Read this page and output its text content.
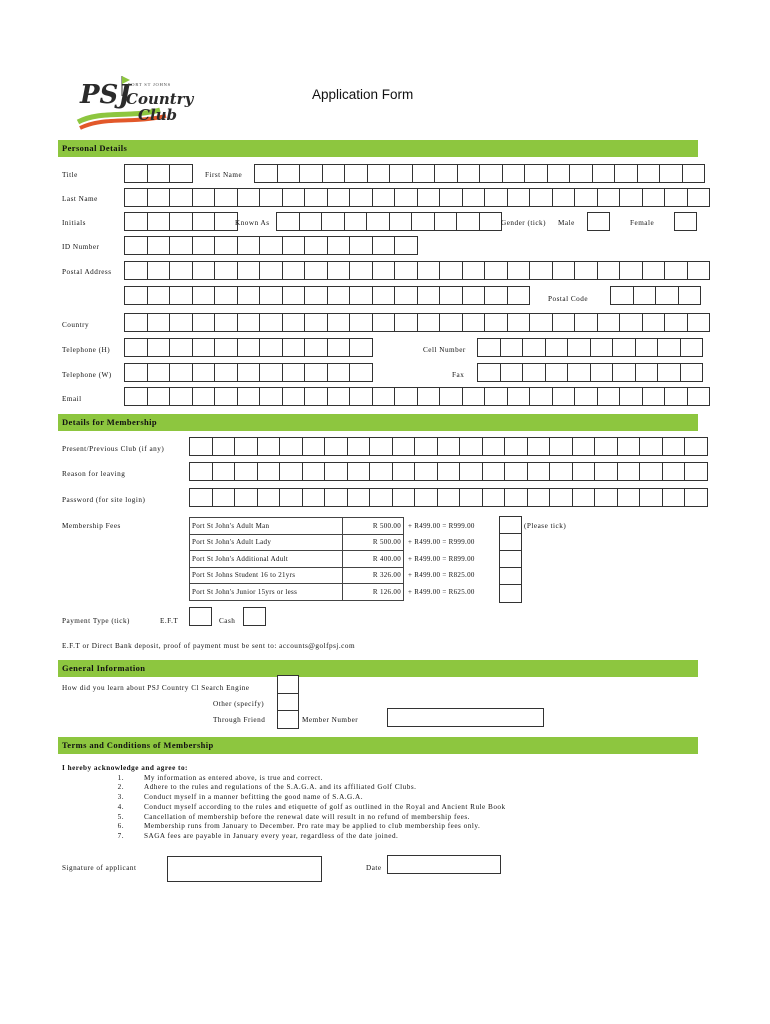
PSJ
PORT ST JOHNS
Country
Club
Application Form
Personal Details
Title	First Name
Last Name
Initials	Known As	Gender (tick) Male	Female
ID Number
Postal Address
Postal Code
Country
Telephone (H)	Cell Number
Telephone (W)	Fax
Email
Details for Membership
Present/Previous Club (if any)
Reason for leaving
Password (for site login)
Membership Fees	Port St John's Adult Man	R 500.00	+ R499.00 = R999.00
Port St John's Adult Lady	R 500.00	+ R499.00 = R999.00
Port St John's Additional Adult	R 400.00	+ R499.00 = R899.00
Port St Johns Student 16 to 21yrs	R 326.00	+ R499.00 = R825.00
Port St John's Junior 15yrs or less	R 126.00	+ R499.00 = R625.00
(Please tick)
Payment Type (tick)	E.F.T	Cash
E.F.T or Direct Bank deposit, proof of payment must be sent to: accounts@golfpsj.com
General Information
How did you learn about PSJ Country Cl Search Engine
Other (specify)
Through Friend	Member Number
Terms and Conditions of Membership
I hereby acknowledge and agree to:
1.	My information as entered above, is true and correct.
2.	Adhere to the rules and regulations of the S.A.G.A. and its affiliated Golf Clubs.
3.	Conduct myself in a manner befitting the good name of S.A.G.A.
4.	Conduct myself according to the rules and etiquette of golf as outlined in the Royal and Ancient Rule Book
5.	Cancellation of membership before the renewal date will result in no refund of membership fees.
6.	Membership runs from January to December. Pro rate may be applied to club membership fees only.
7.	SAGA fees are payable in January every year, regardless of the date joined.
Signature of applicant	Date
